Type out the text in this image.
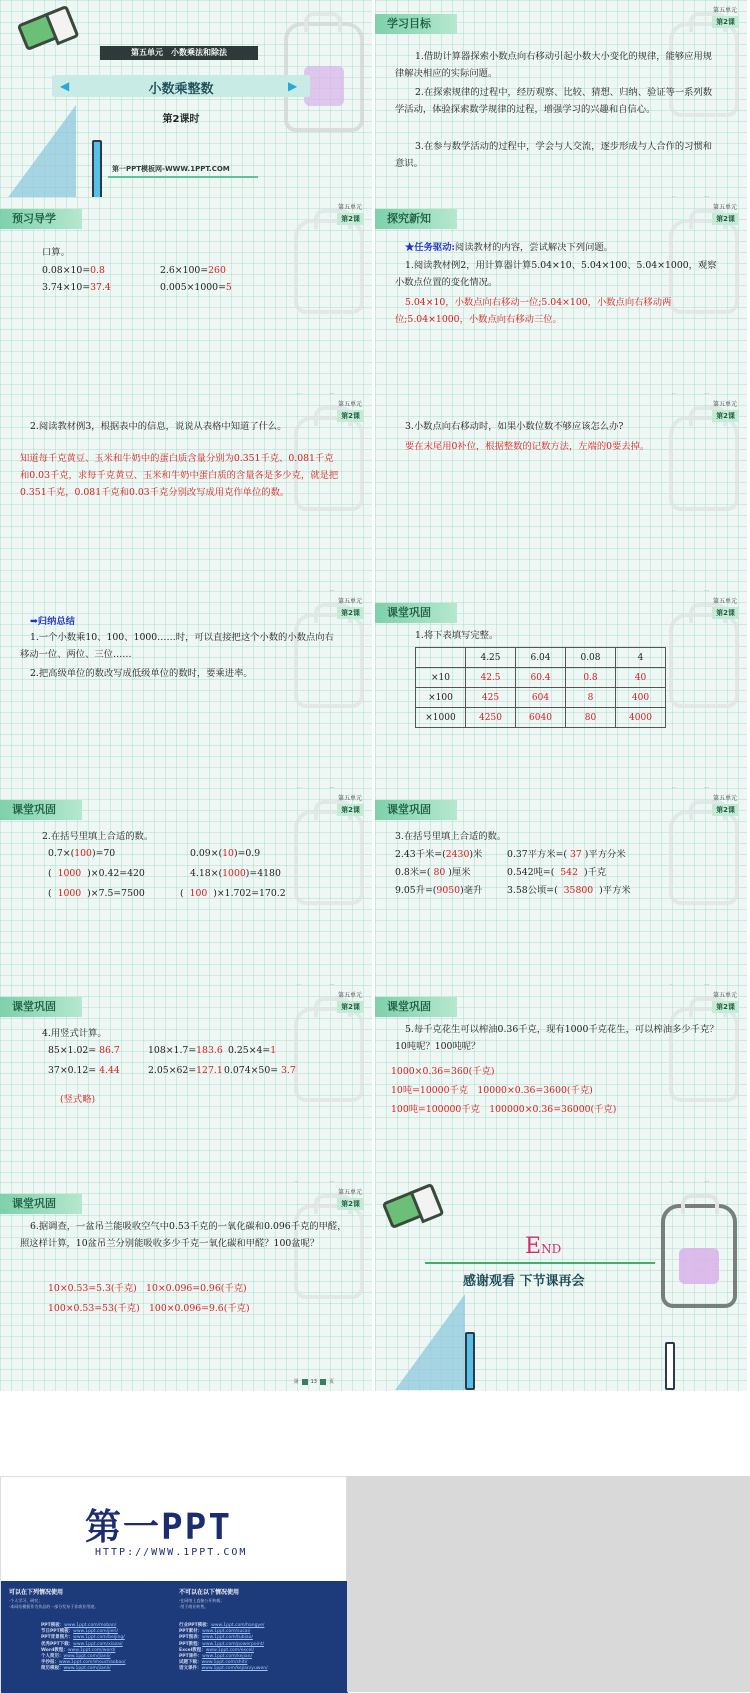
第五单元　小数乘法和除法
◀	▶
小数乘整数
第2课时
第一PPT模板网-WWW.1PPT.COM
学习目标
第五单元
第2课
1.借助计算器探索小数点向右移动引起小数大小变化的规律，能够应用规律解决相应的实际问题。
2.在探索规律的过程中，经历观察、比较、猜想、归纳、验证等一系列数学活动，体验探索数学规律的过程，增强学习的兴趣和自信心。
3.在参与数学活动的过程中，学会与人交流，逐步形成与人合作的习惯和意识。
预习导学
第五单元
第2课
口算。
0.08×10=0.8	2.6×100=260
3.74×10=37.4	0.005×1000=5
探究新知
第五单元
第2课
★任务驱动:阅读教材的内容，尝试解决下列问题。
1.阅读教材例2，用计算器计算5.04×10、5.04×100、5.04×1000，观察小数点位置的变化情况。
5.04×10，小数点向右移动一位;5.04×100，小数点向右移动两位;5.04×1000，小数点向右移动三位。
第五单元
第2课
2.阅读教材例3，根据表中的信息，说说从表格中知道了什么。
知道每千克黄豆、玉米和牛奶中的蛋白质含量分别为0.351千克、0.081千克和0.03千克，求每千克黄豆、玉米和牛奶中蛋白质的含量各是多少克，就是把0.351千克，0.081千克和0.03千克分别改写成用克作单位的数。
第五单元
第2课
3.小数点向右移动时，如果小数位数不够应该怎么办?
要在末尾用0补位，根据整数的记数方法，左端的0要去掉。
第五单元
第2课
➡归纳总结
1.一个小数乘10、100、1000……时，可以直接把这个小数的小数点向右移动一位、两位、三位……
2.把高级单位的数改写成低级单位的数时，要乘进率。
课堂巩固
第五单元
第2课
1.将下表填写完整。
	4.25	6.04	0.08	4
×10	42.5	60.4	0.8	40
×100	425	604	8	400
×1000	4250	6040	80	4000
课堂巩固
第五单元
第2课
2.在括号里填上合适的数。
0.7×(100)=70	0.09×(10)=0.9
( 1000 )×0.42=420	4.18×(1000)=4180
( 1000 )×7.5=7500	( 100 )×1.702=170.2
课堂巩固
第五单元
第2课
3.在括号里填上合适的数。
2.43千米=(2430)米	0.37平方米=( 37 )平方分米
0.8米=( 80 )厘米	0.542吨=( 542 )千克
9.05升=(9050)毫升	3.58公顷=( 35800 )平方米
课堂巩固
第五单元
第2课
4.用竖式计算。
85×1.02= 86.7	108×1.7=183.6 0.25×4=1
37×0.12= 4.44	2.05×62=127.1 0.074×50= 3.7
(竖式略)
课堂巩固
第五单元
第2课
5.每千克花生可以榨油0.36千克，现有1000千克花生，可以榨油多少千克？10吨呢？100吨呢？
1000×0.36=360(千克)
10吨=10000千克　10000×0.36=3600(千克)
100吨=100000千克　100000×0.36=36000(千克)
课堂巩固
第五单元
第2课
6.据调查，一盆吊兰能吸收空气中0.53千克的一氧化碳和0.096千克的甲醛，照这样计算，10盆吊兰分别能吸收多少千克一氧化碳和甲醛？100盆呢？
10×0.53=5.3(千克)　10×0.096=0.96(千克)
100×0.53=53(千克)　100×0.096=9.6(千克)
第 13 页
END
感谢观看 下节课再会
第一PPT
HTTP://WWW.1PPT.COM
可以在下列情况使用

·个人学习、研究；

·本网站模板作为作品的一部分发布于非商业用途。

不可以在以下情况使用

·在网络上直接公开转载；

·用于商业转售。

PPT模板：www.1ppt.com/moban/
节日PPT模板：www.1ppt.com/jieri/
PPT背景图片：www.1ppt.com/beijing/
优秀PPT下载：www.1ppt.com/xiazai/
Word教程：www.1ppt.com/word/
个人简历：www.1ppt.com/jianli/
手抄报：www.1ppt.com/shouchaobao/
简历模板：www.1ppt.com/jianli/
行业PPT模板：www.1ppt.com/hangye/
PPT素材：www.1ppt.com/sucai/
PPT图表：www.1ppt.com/tubiao/
PPT教程：www.1ppt.com/powerpoint/
Excel教程：www.1ppt.com/excel/
PPT课件：www.1ppt.com/kejian/
试题下载：www.1ppt.com/shiti/
语文课件：www.1ppt.com/kejian/yuwen/
